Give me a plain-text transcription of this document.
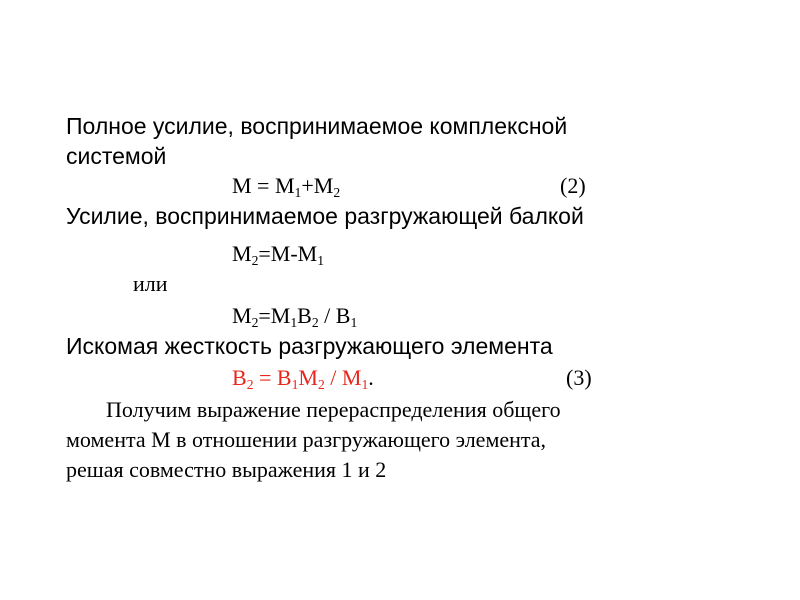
Полное усилие, воспринимаемое комплексной
системой
$M = M_1+M_2$	(2)
Усилие, воспринимаемое разгружающей балкой
$M_2=M-M_1$
или
$M_2=M_1B_2 / B_1$
Искомая жесткость разгружающего элемента
$B_2 = B_1M_2 / M_1$.	(3)
Получим выражение перераспределения общего
момента M в отношении разгружающего элемента,
решая совместно выражения 1 и 2
